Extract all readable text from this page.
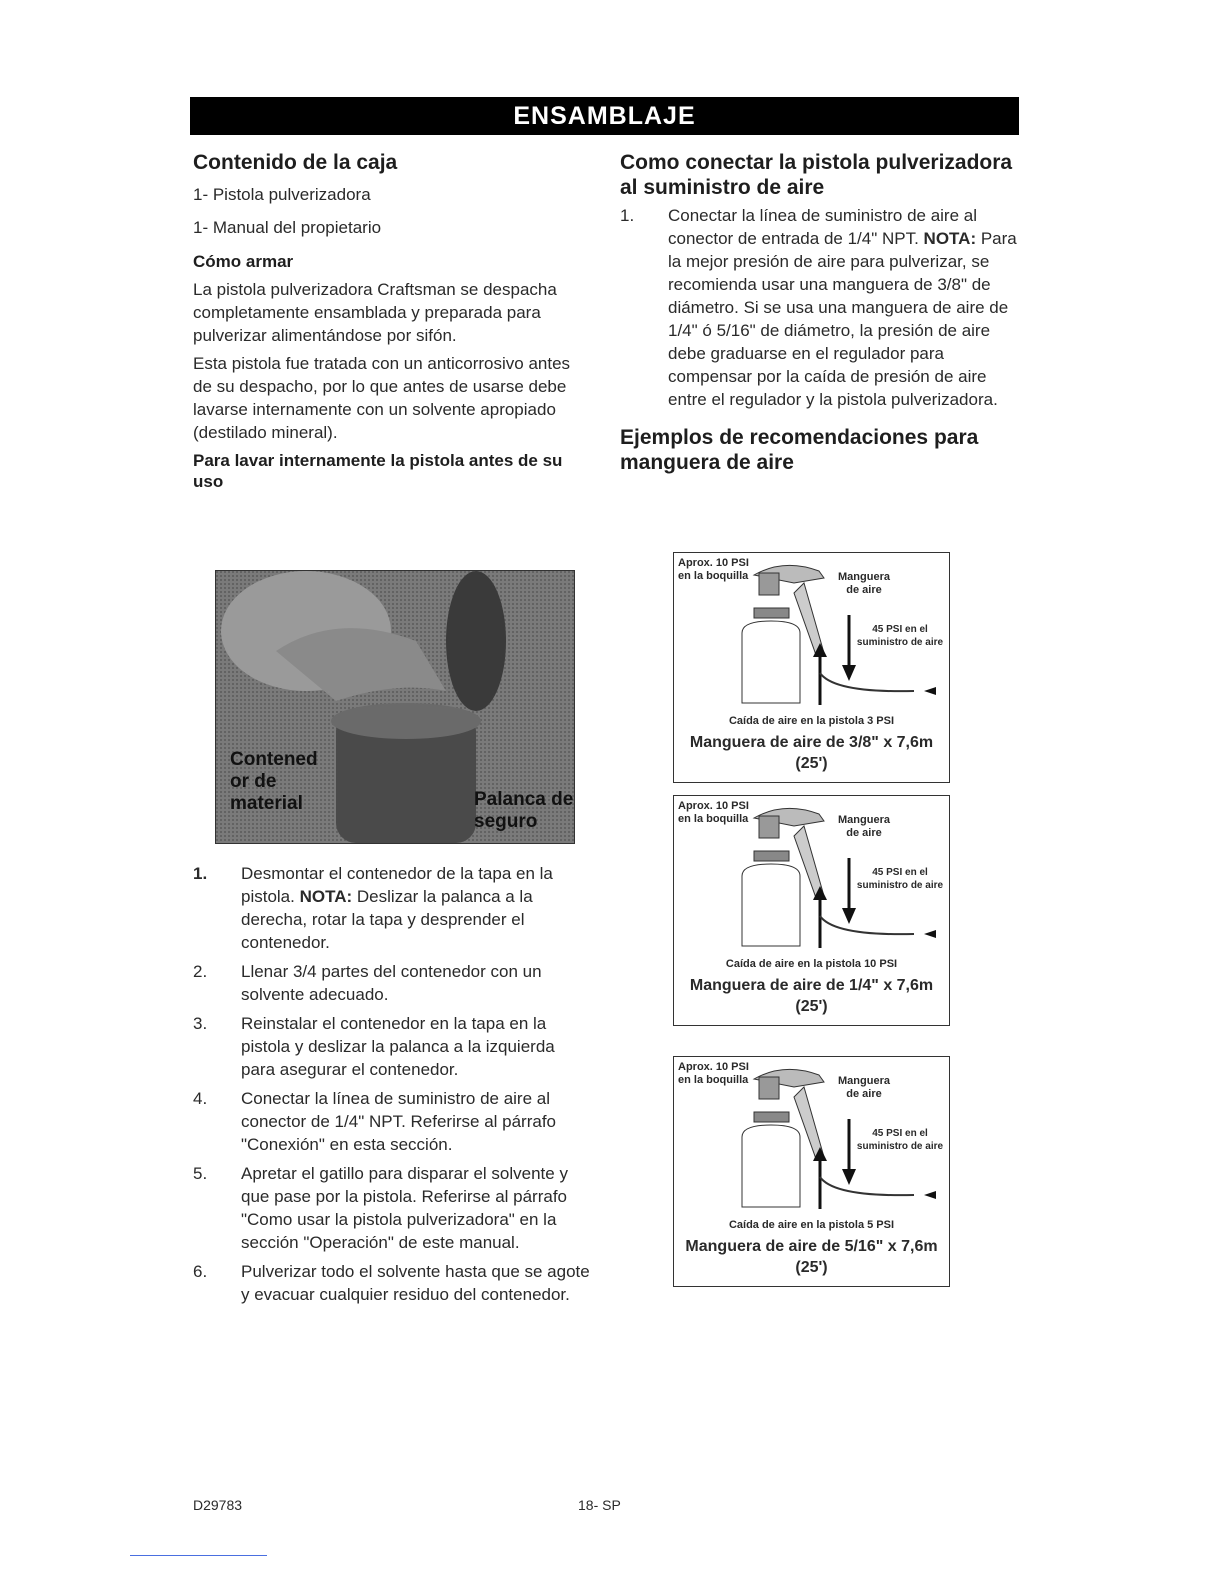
ENSAMBLAJE
Contenido de la caja

1- Pistola pulverizadora

1- Manual del propietario

Cómo armar

La pistola pulverizadora Craftsman se despacha completamente ensamblada y preparada para pulverizar alimentándose por sifón.

Esta pistola fue tratada con un anticorrosivo antes de su despacho, por lo que antes de usarse debe lavarse internamente con un solvente apropiado (destilado mineral).

Para lavar internamente la pistola antes de su uso
Contened or de material	Palanca de seguro
1.	Desmontar el contenedor de la tapa en la pistola. NOTA: Deslizar la palanca a la derecha, rotar la tapa y desprender el contenedor.
2.	Llenar 3/4 partes del contenedor con un solvente adecuado.
3.	Reinstalar el contenedor en la tapa en la pistola y deslizar la palanca a la izquierda para asegurar el contenedor.
4.	Conectar la línea de suministro de aire al conector de 1/4" NPT. Referirse al párrafo "Conexión" en esta sección.
5.	Apretar el gatillo para disparar el solvente y que pase por la pistola. Referirse al párrafo "Como usar la pistola pulverizadora" en la sección "Operación" de este manual.
6.	Pulverizar todo el solvente hasta que se agote y evacuar cualquier residuo del contenedor.
Como conectar la pistola pulverizadora al suministro de aire
1.	Conectar la línea de suministro de aire al conector de entrada de 1/4" NPT. NOTA: Para la mejor presión de aire para pulverizar, se recomienda usar una manguera de 3/8" de diámetro. Si se usa una manguera de aire de 1/4" ó 5/16" de diámetro, la presión de aire debe graduarse en el regulador para compensar por la caída de presión de aire entre el regulador y la pistola pulverizadora.
Ejemplos de recomendaciones para manguera de aire
Aprox. 10 PSI en la boquilla	Manguera de aire
45 PSI en el suministro de aire
Caída de aire en la pistola 3 PSI
Manguera de aire de 3/8" x 7,6m (25')
Aprox. 10 PSI en la boquilla	Manguera de aire
45 PSI en el suministro de aire
Caída de aire en la pistola 10 PSI
Manguera de aire de 1/4" x 7,6m (25')
Aprox. 10 PSI en la boquilla	Manguera de aire
45 PSI en el suministro de aire
Caída de aire en la pistola 5 PSI
Manguera de aire de 5/16" x 7,6m (25')
D29783	18- SP
